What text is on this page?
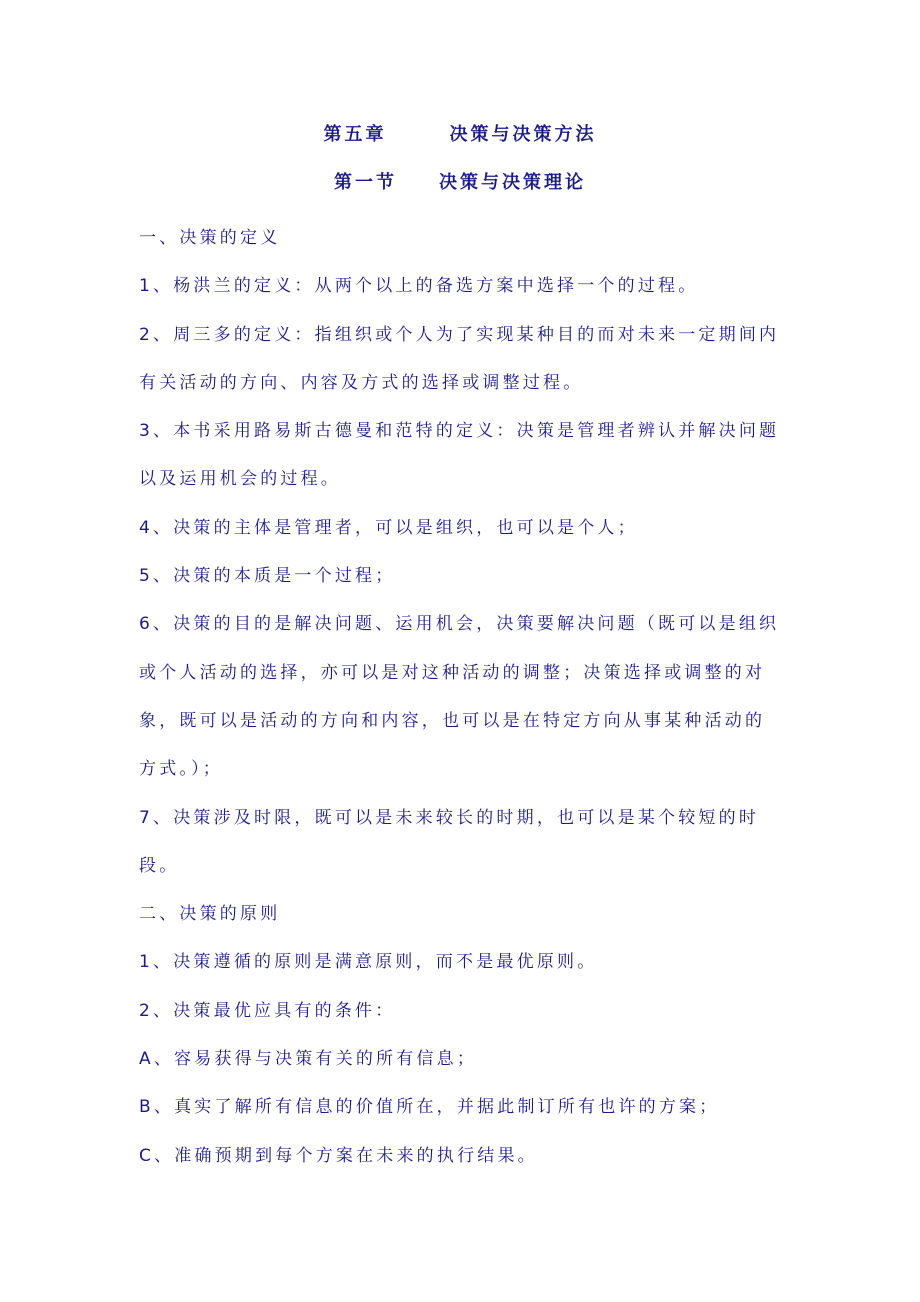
第五章　　　决策与决策方法
第一节　　决策与决策理论

一、决策的定义

1、杨洪兰的定义：从两个以上的备选方案中选择一个的过程。

2、周三多的定义：指组织或个人为了实现某种目的而对未来一定期间内有关活动的方向、内容及方式的选择或调整过程。

3、本书采用路易斯古德曼和范特的定义：决策是管理者辨认并解决问题以及运用机会的过程。

4、决策的主体是管理者，可以是组织，也可以是个人；

5、决策的本质是一个过程；

6、决策的目的是解决问题、运用机会，决策要解决问题（既可以是组织或个人活动的选择，亦可以是对这种活动的调整；决策选择或调整的对象，既可以是活动的方向和内容，也可以是在特定方向从事某种活动的方式。）；

7、决策涉及时限，既可以是未来较长的时期，也可以是某个较短的时段。

二、决策的原则

1、决策遵循的原则是满意原则，而不是最优原则。

2、决策最优应具有的条件：

A、容易获得与决策有关的所有信息；

B、真实了解所有信息的价值所在，并据此制订所有也许的方案；

C、准确预期到每个方案在未来的执行结果。
